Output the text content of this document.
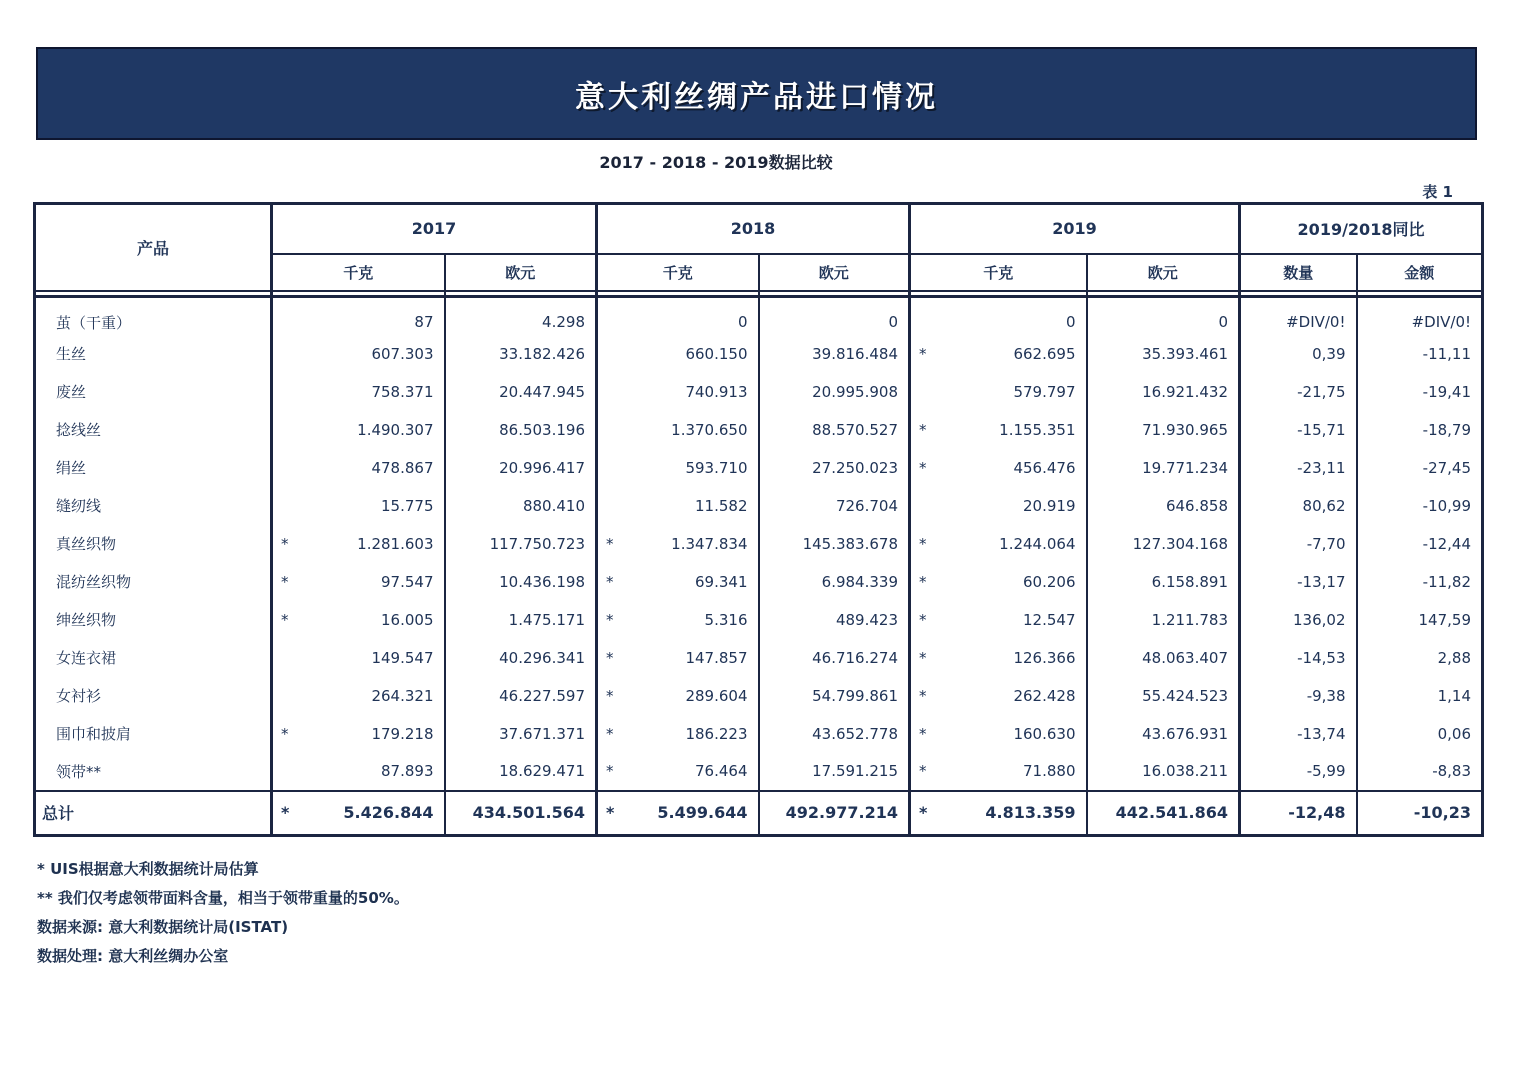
意大利丝绸产品进口情况
2017 - 2018 - 2019数据比较
表 1
产品	2017		2018		2019		2019/2018同比	
	千克	欧元	千克	欧元	千克	欧元	数量	金额

茧（干重）	87	4.298	0	0	0	0	#DIV/0!	#DIV/0!
生丝	607.303	33.182.426	660.150	39.816.484	* 662.695	35.393.461	0,39	-11,11
废丝	758.371	20.447.945	740.913	20.995.908	579.797	16.921.432	-21,75	-19,41
捻线丝	1.490.307	86.503.196	1.370.650	88.570.527	* 1.155.351	71.930.965	-15,71	-18,79
绢丝	478.867	20.996.417	593.710	27.250.023	* 456.476	19.771.234	-23,11	-27,45
缝纫线	15.775	880.410	11.582	726.704	20.919	646.858	80,62	-10,99
真丝织物	* 1.281.603	117.750.723	* 1.347.834	145.383.678	* 1.244.064	127.304.168	-7,70	-12,44
混纺丝织物	* 97.547	10.436.198	* 69.341	6.984.339	* 60.206	6.158.891	-13,17	-11,82
绅丝织物	* 16.005	1.475.171	* 5.316	489.423	* 12.547	1.211.783	136,02	147,59
女连衣裙	149.547	40.296.341	* 147.857	46.716.274	* 126.366	48.063.407	-14,53	2,88
女衬衫	264.321	46.227.597	* 289.604	54.799.861	* 262.428	55.424.523	-9,38	1,14
围巾和披肩	* 179.218	37.671.371	* 186.223	43.652.778	* 160.630	43.676.931	-13,74	0,06
领带**	87.893	18.629.471	* 76.464	17.591.215	* 71.880	16.038.211	-5,99	-8,83
总计	* 5.426.844	434.501.564	* 5.499.644	492.977.214	* 4.813.359	442.541.864	-12,48	-10,23
* UIS根据意大利数据统计局估算
** 我们仅考虑领带面料含量，相当于领带重量的50%。
数据来源: 意大利数据统计局(ISTAT)
数据处理: 意大利丝绸办公室
